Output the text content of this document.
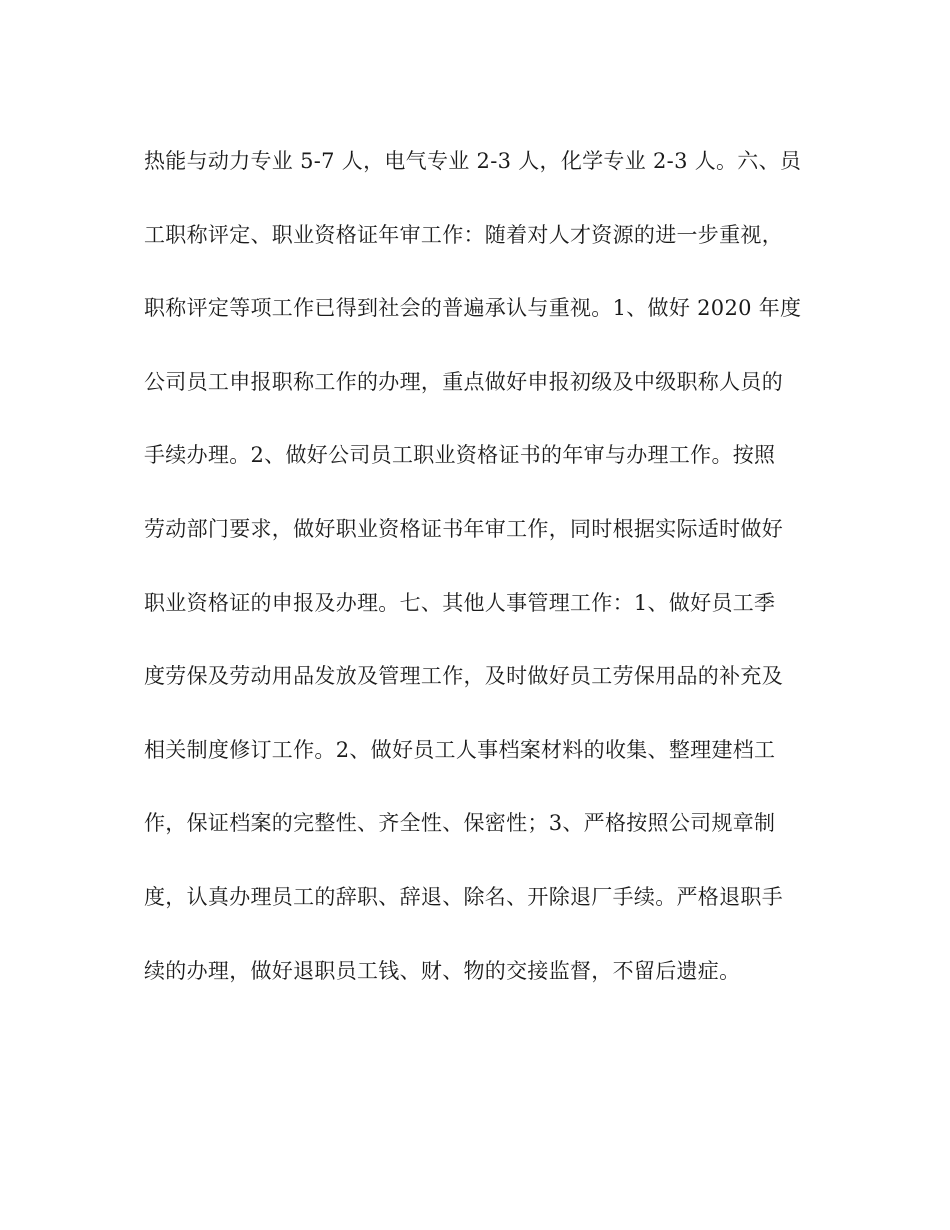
热能与动力专业 5-7 人，电气专业 2-3 人，化学专业 2-3 人。六、员
工职称评定、职业资格证年审工作：随着对人才资源的进一步重视，
职称评定等项工作已得到社会的普遍承认与重视。1、做好 2020 年度
公司员工申报职称工作的办理，重点做好申报初级及中级职称人员的
手续办理。2、做好公司员工职业资格证书的年审与办理工作。按照
劳动部门要求，做好职业资格证书年审工作，同时根据实际适时做好
职业资格证的申报及办理。七、其他人事管理工作：1、做好员工季
度劳保及劳动用品发放及管理工作，及时做好员工劳保用品的补充及
相关制度修订工作。2、做好员工人事档案材料的收集、整理建档工
作，保证档案的完整性、齐全性、保密性；3、严格按照公司规章制
度，认真办理员工的辞职、辞退、除名、开除退厂手续。严格退职手
续的办理，做好退职员工钱、财、物的交接监督，不留后遗症。
